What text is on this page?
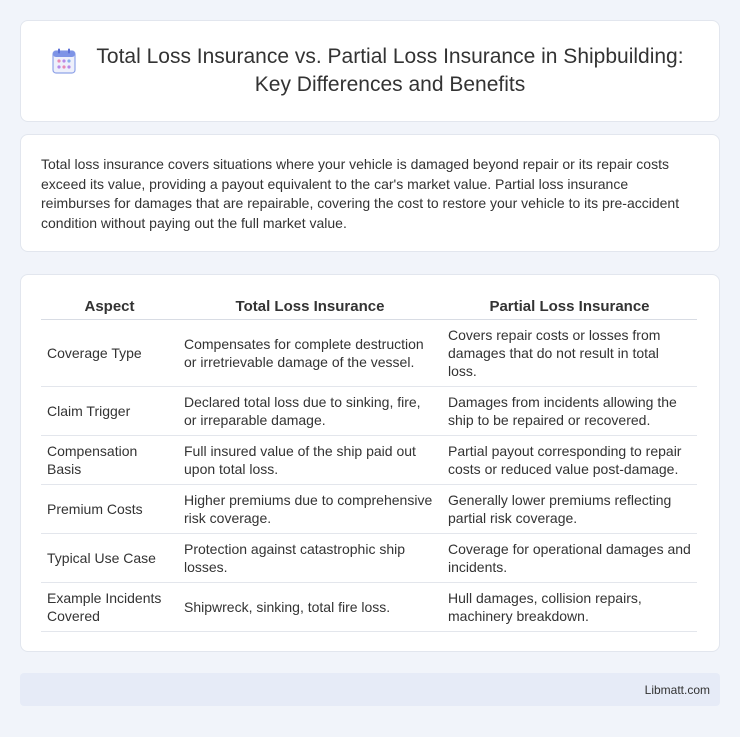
Total Loss Insurance vs. Partial Loss Insurance in Shipbuilding: Key Differences and Benefits

Total loss insurance covers situations where your vehicle is damaged beyond repair or its repair costs exceed its value, providing a payout equivalent to the car's market value. Partial loss insurance reimburses for damages that are repairable, covering the cost to restore your vehicle to its pre-accident condition without paying out the full market value.

Aspect	Total Loss Insurance	Partial Loss Insurance
Coverage Type	Compensates for complete destruction or irretrievable damage of the vessel.	Covers repair costs or losses from damages that do not result in total loss.
Claim Trigger	Declared total loss due to sinking, fire, or irreparable damage.	Damages from incidents allowing the ship to be repaired or recovered.
Compensation Basis	Full insured value of the ship paid out upon total loss.	Partial payout corresponding to repair costs or reduced value post-damage.
Premium Costs	Higher premiums due to comprehensive risk coverage.	Generally lower premiums reflecting partial risk coverage.
Typical Use Case	Protection against catastrophic ship losses.	Coverage for operational damages and incidents.
Example Incidents Covered	Shipwreck, sinking, total fire loss.	Hull damages, collision repairs, machinery breakdown.
Libmatt.com
